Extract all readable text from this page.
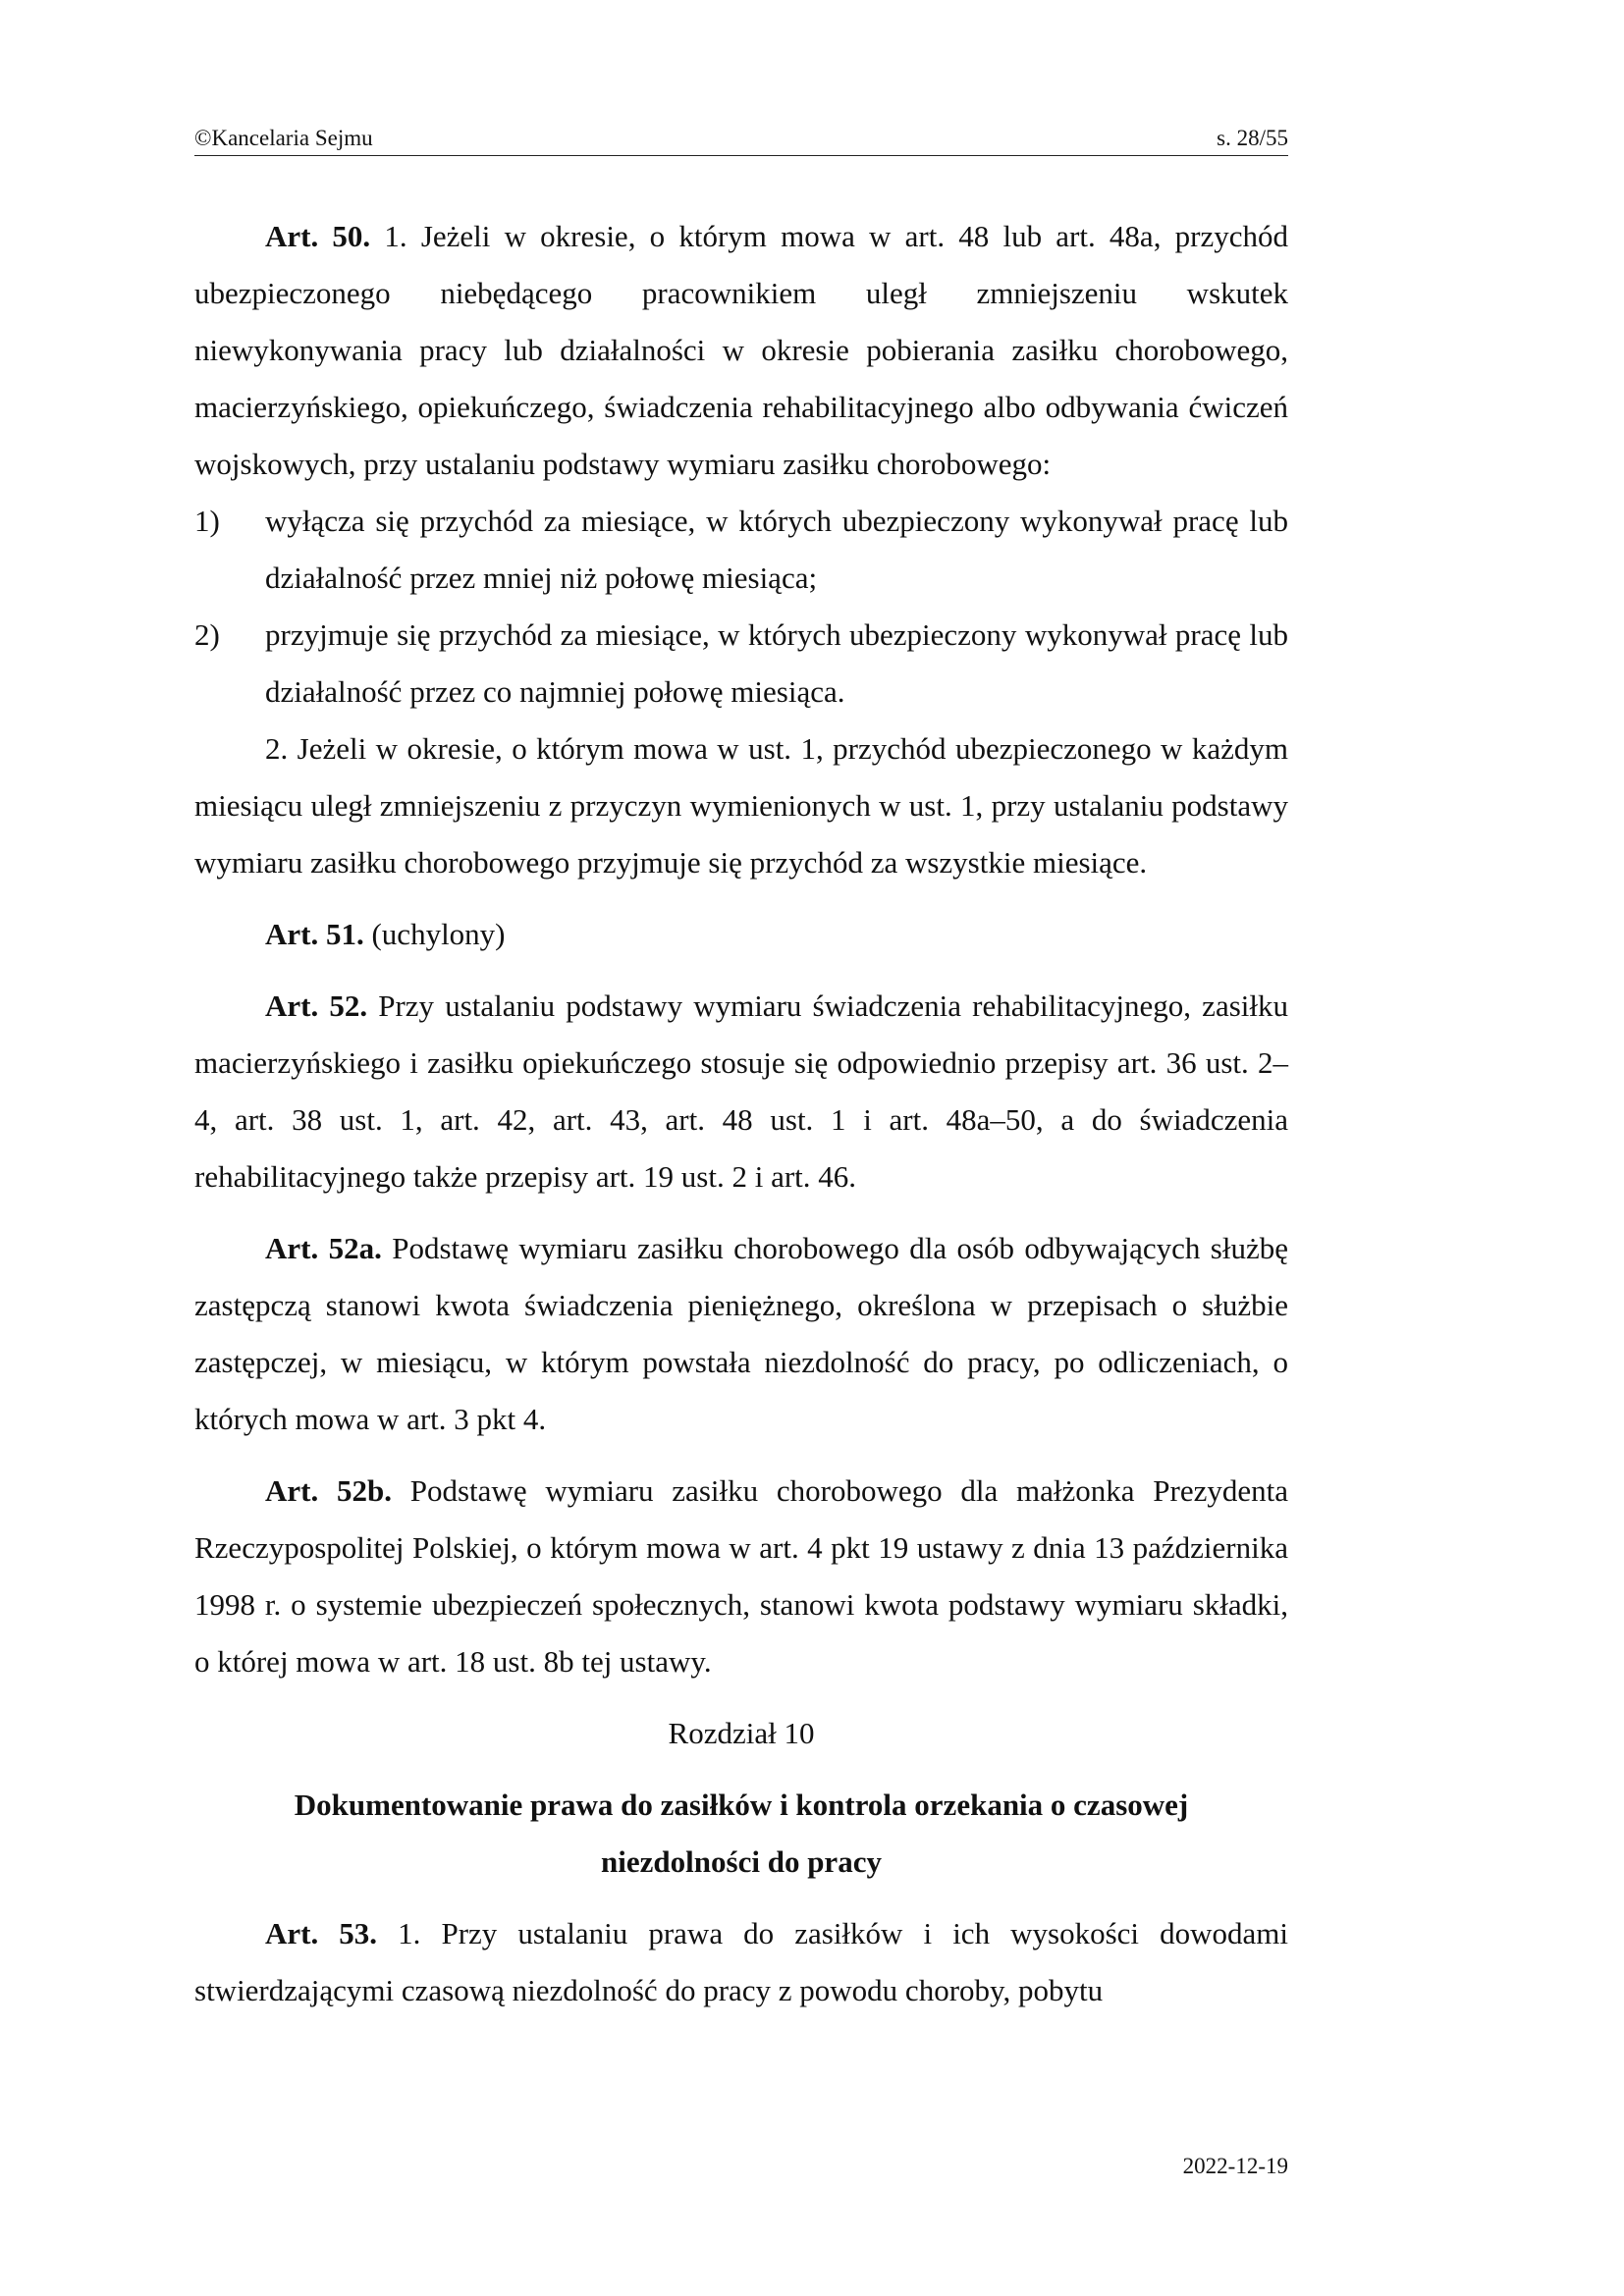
©Kancelaria Sejmu	s. 28/55

Art. 50. 1. Jeżeli w okresie, o którym mowa w art. 48 lub art. 48a, przychód ubezpieczonego niebędącego pracownikiem uległ zmniejszeniu wskutek niewykonywania pracy lub działalności w okresie pobierania zasiłku chorobowego, macierzyńskiego, opiekuńczego, świadczenia rehabilitacyjnego albo odbywania ćwiczeń wojskowych, przy ustalaniu podstawy wymiaru zasiłku chorobowego:

1) wyłącza się przychód za miesiące, w których ubezpieczony wykonywał pracę lub działalność przez mniej niż połowę miesiąca;
2) przyjmuje się przychód za miesiące, w których ubezpieczony wykonywał pracę lub działalność przez co najmniej połowę miesiąca.

2. Jeżeli w okresie, o którym mowa w ust. 1, przychód ubezpieczonego w każdym miesiącu uległ zmniejszeniu z przyczyn wymienionych w ust. 1, przy ustalaniu podstawy wymiaru zasiłku chorobowego przyjmuje się przychód za wszystkie miesiące.

Art. 51. (uchylony)

Art. 52. Przy ustalaniu podstawy wymiaru świadczenia rehabilitacyjnego, zasiłku macierzyńskiego i zasiłku opiekuńczego stosuje się odpowiednio przepisy art. 36 ust. 2–4, art. 38 ust. 1, art. 42, art. 43, art. 48 ust. 1 i art. 48a–50, a do świadczenia rehabilitacyjnego także przepisy art. 19 ust. 2 i art. 46.

Art. 52a. Podstawę wymiaru zasiłku chorobowego dla osób odbywających służbę zastępczą stanowi kwota świadczenia pieniężnego, określona w przepisach o służbie zastępczej, w miesiącu, w którym powstała niezdolność do pracy, po odliczeniach, o których mowa w art. 3 pkt 4.

Art. 52b. Podstawę wymiaru zasiłku chorobowego dla małżonka Prezydenta Rzeczypospolitej Polskiej, o którym mowa w art. 4 pkt 19 ustawy z dnia 13 października 1998 r. o systemie ubezpieczeń społecznych, stanowi kwota podstawy wymiaru składki, o której mowa w art. 18 ust. 8b tej ustawy.

Rozdział 10

Dokumentowanie prawa do zasiłków i kontrola orzekania o czasowej niezdolności do pracy

Art. 53. 1. Przy ustalaniu prawa do zasiłków i ich wysokości dowodami stwierdzającymi czasową niezdolność do pracy z powodu choroby, pobytu

2022-12-19
